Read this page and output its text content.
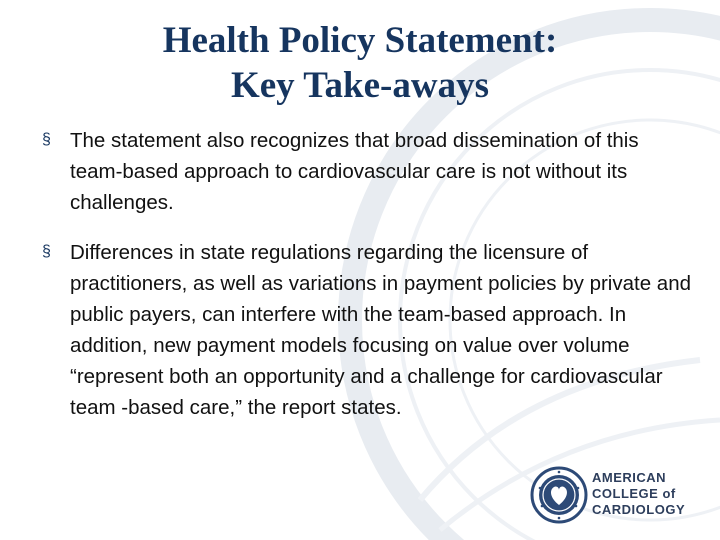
Health Policy Statement:
Key Take-aways
§ The statement also recognizes that broad dissemination of this team-based approach to cardiovascular care is not without its challenges.
§ Differences in state regulations regarding the licensure of practitioners, as well as variations in payment policies by private and public payers, can interfere with the team-based approach. In addition, new payment models focusing on value over volume “represent both an opportunity and a challenge for cardiovascular team -based care,” the report states.
AMERICAN
COLLEGE of
CARDIOLOGY
